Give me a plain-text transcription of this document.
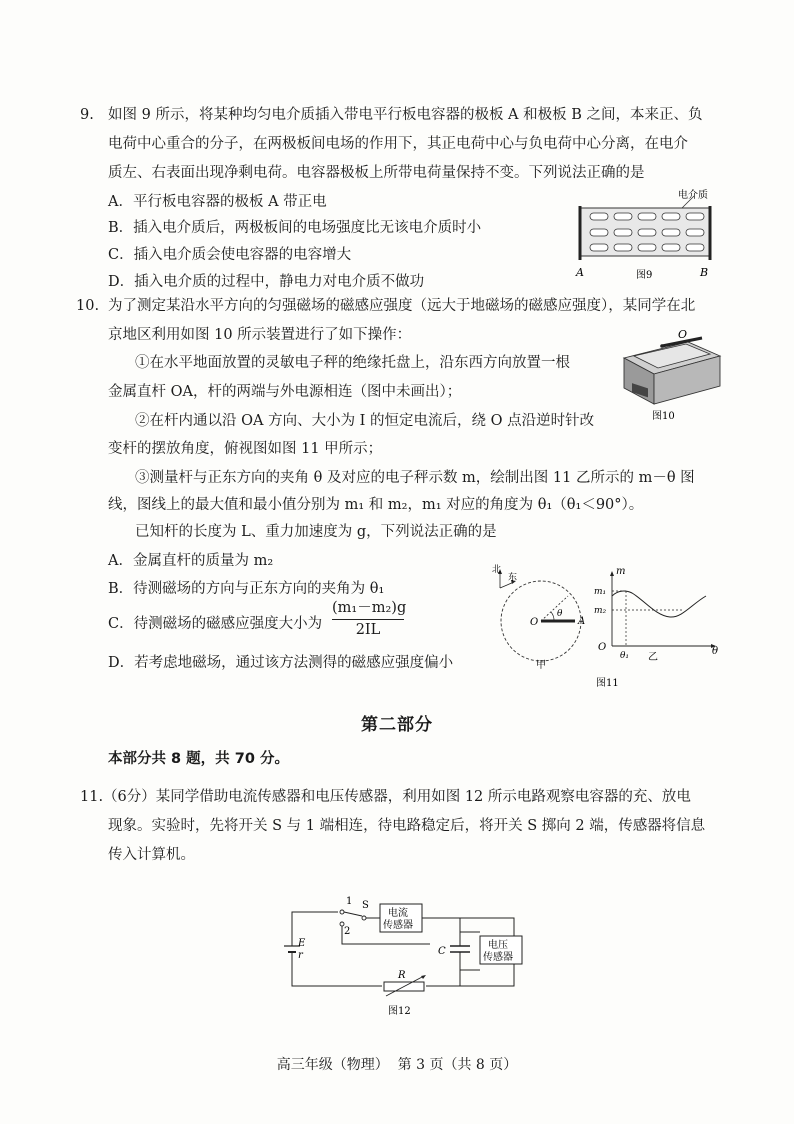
9. 如图 9 所示，将某种均匀电介质插入带电平行板电容器的极板 A 和极板 B 之间，本来正、负
电荷中心重合的分子，在两极板间电场的作用下，其正电荷中心与负电荷中心分离，在电介
质左、右表面出现净剩电荷。电容器极板上所带电荷量保持不变。下列说法正确的是
A．平行板电容器的极板 A 带正电
B．插入电介质后，两极板间的电场强度比无该电介质时小
C．插入电介质会使电容器的电容增大
D．插入电介质的过程中，静电力对电介质不做功
电介质
A	图9	B
10. 为了测定某沿水平方向的匀强磁场的磁感应强度（远大于地磁场的磁感应强度），某同学在北
京地区利用如图 10 所示装置进行了如下操作：
①在水平地面放置的灵敏电子秤的绝缘托盘上，沿东西方向放置一根
金属直杆 OA，杆的两端与外电源相连（图中未画出）；
②在杆内通以沿 OA 方向、大小为 I 的恒定电流后，绕 O 点沿逆时针改
变杆的摆放角度，俯视图如图 11 甲所示；
③测量杆与正东方向的夹角 θ 及对应的电子秤示数 m，绘制出图 11 乙所示的 m－θ 图
线，图线上的最大值和最小值分别为 m₁ 和 m₂，m₁ 对应的角度为 θ₁（θ₁＜90°）。
已知杆的长度为 L、重力加速度为 g，下列说法正确的是
A．金属直杆的质量为 m₂
B．待测磁场的方向与正东方向的夹角为 θ₁
C．待测磁场的磁感应强度大小为
(m₁－m₂)g
2IL
D．若考虑地磁场，通过该方法测得的磁感应强度偏小
O
图10
北
东
O	A
θ
甲
m
m₁
m₂
O
θ₁	θ
乙
图11
第二部分
本部分共 8 题，共 70 分。
11. （6分）某同学借助电流传感器和电压传感器，利用如图 12 所示电路观察电容器的充、放电
现象。实验时，先将开关 S 与 1 端相连，待电路稳定后，将开关 S 掷向 2 端，传感器将信息
传入计算机。
E
r
1 S
2
电流
传感器
C
电压
传感器
R
图12
高三年级（物理）  第 3 页（共 8 页）
